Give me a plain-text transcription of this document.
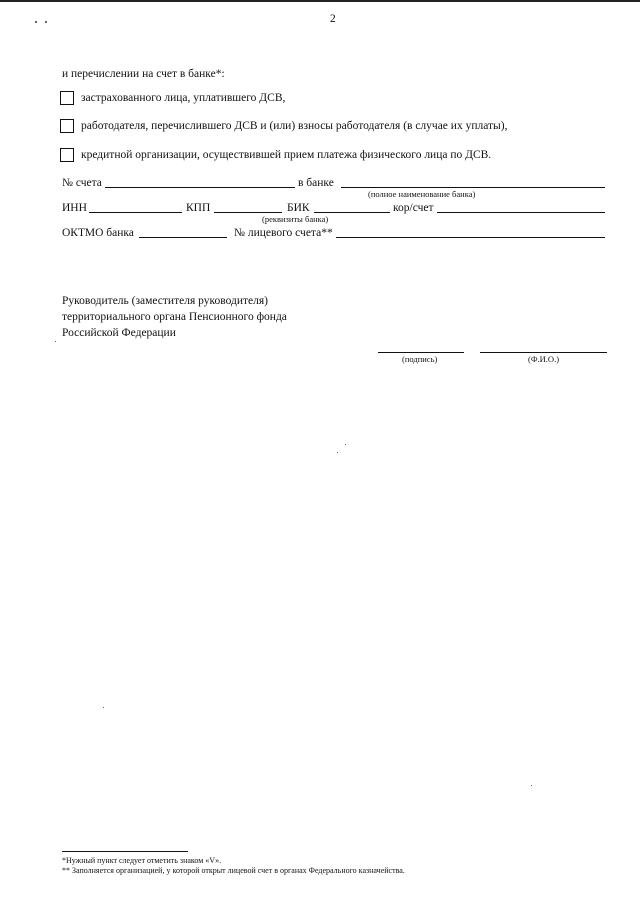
2
и перечислении на счет в банке*:
застрахованного лица, уплатившего ДСВ,
работодателя, перечислившего ДСВ и (или) взносы работодателя (в случае их уплаты),
кредитной организации, осуществившей прием платежа физического лица по ДСВ.
№ счета	в банке
(полное наименование банка)
ИНН	КПП	БИК	кор/счет
(реквизиты банка)
ОКТМО банка	№ лицевого счета**
Руководитель (заместителя руководителя)
территориального органа Пенсионного фонда
Российской Федерации
(подпись)	(Ф.И.О.)
*Нужный пункт следует отметить знаком «V».
** Заполняется организацией, у которой открыт лицевой счет в органах Федерального казначейства.
